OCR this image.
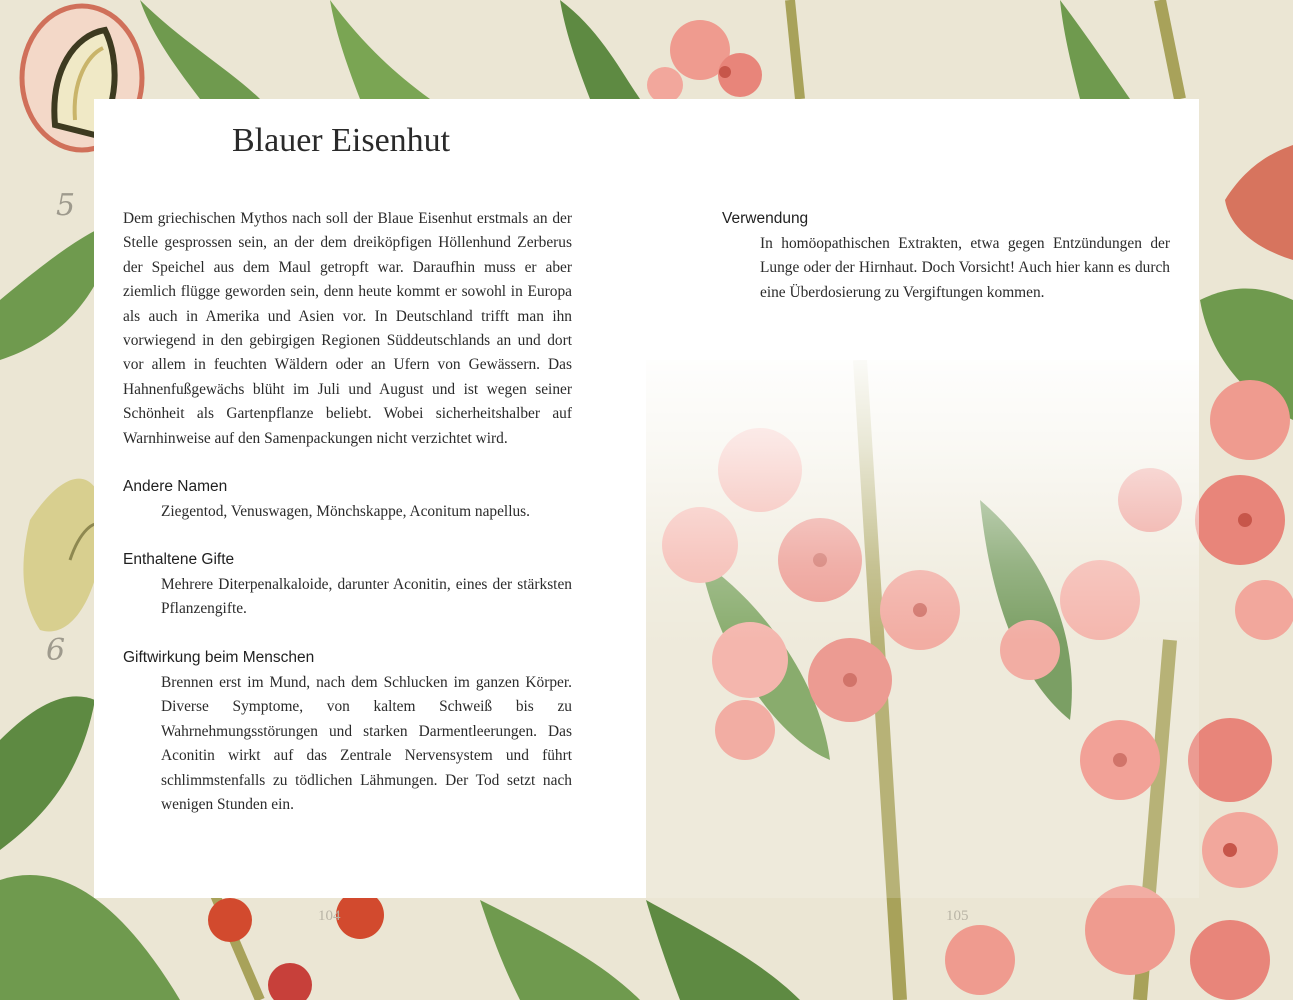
5
6
Blauer Eisenhut

Dem griechischen Mythos nach soll der Blaue Eisenhut erstmals an der Stelle gesprossen sein, an der dem dreiköpfigen Höllenhund Zerberus der Speichel aus dem Maul getropft war. Daraufhin muss er aber ziemlich flügge geworden sein, denn heute kommt er sowohl in Europa als auch in Amerika und Asien vor. In Deutschland trifft man ihn vorwiegend in den gebirgigen Regionen Süddeutschlands an und dort vor allem in feuchten Wäldern oder an Ufern von Gewässern. Das Hahnenfußgewächs blüht im Juli und August und ist wegen seiner Schönheit als Gartenpflanze beliebt. Wobei sicherheitshalber auf Warnhinweise auf den Samenpackungen nicht verzichtet wird.

Andere Namen

Ziegentod, Venuswagen, Mönchskappe, Aconitum napellus.

Enthaltene Gifte

Mehrere Diterpenalkaloide, darunter Aconitin, eines der stärksten Pflanzengifte.

Giftwirkung beim Menschen

Brennen erst im Mund, nach dem Schlucken im ganzen Körper. Diverse Symptome, von kaltem Schweiß bis zu Wahrnehmungsstörungen und starken Darmentleerungen. Das Aconitin wirkt auf das Zentrale Nervensystem und führt schlimmstenfalls zu tödlichen Lähmungen. Der Tod setzt nach wenigen Stunden ein.

Verwendung

In homöopathischen Extrakten, etwa gegen Entzündungen der Lunge oder der Hirnhaut. Doch Vorsicht! Auch hier kann es durch eine Überdosierung zu Vergiftungen kommen.

104	105
